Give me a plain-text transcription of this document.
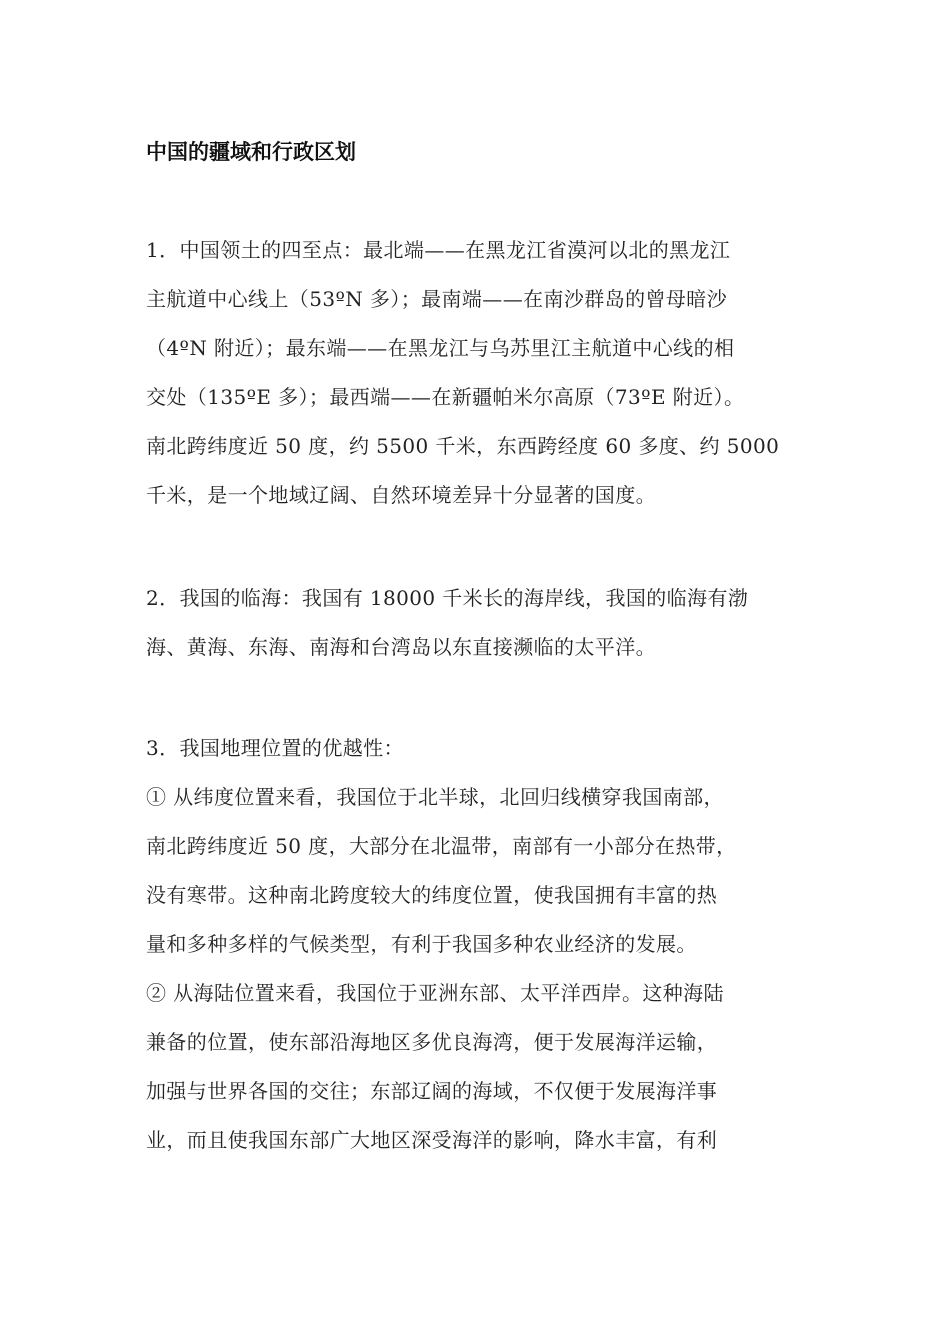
中国的疆域和行政区划
1．中国领土的四至点：最北端——在黑龙江省漠河以北的黑龙江
主航道中心线上（53ºN 多）；最南端——在南沙群岛的曾母暗沙
（4ºN 附近）；最东端——在黑龙江与乌苏里江主航道中心线的相
交处（135ºE 多）；最西端——在新疆帕米尔高原（73ºE 附近）。
南北跨纬度近 50 度，约 5500 千米，东西跨经度 60 多度、约 5000
千米，是一个地域辽阔、自然环境差异十分显著的国度。
2．我国的临海：我国有 18000 千米长的海岸线，我国的临海有渤
海、黄海、东海、南海和台湾岛以东直接濒临的太平洋。
3．我国地理位置的优越性：
① 从纬度位置来看，我国位于北半球，北回归线横穿我国南部，
南北跨纬度近 50 度，大部分在北温带，南部有一小部分在热带，
没有寒带。这种南北跨度较大的纬度位置，使我国拥有丰富的热
量和多种多样的气候类型，有利于我国多种农业经济的发展。
② 从海陆位置来看，我国位于亚洲东部、太平洋西岸。这种海陆
兼备的位置，使东部沿海地区多优良海湾，便于发展海洋运输，
加强与世界各国的交往；东部辽阔的海域，不仅便于发展海洋事
业，而且使我国东部广大地区深受海洋的影响，降水丰富，有利
